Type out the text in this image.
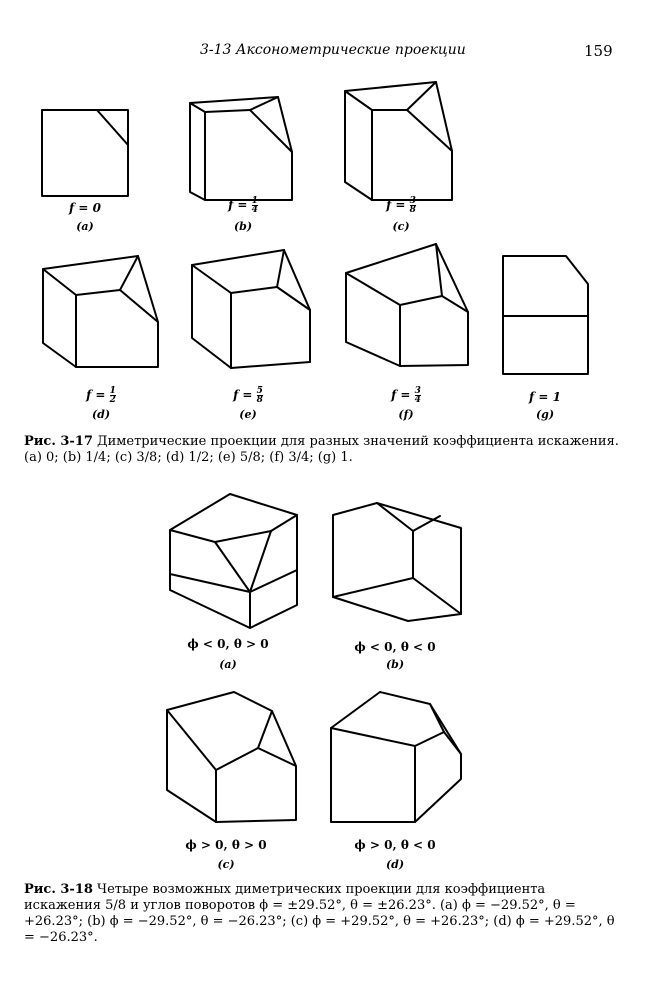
3-13 Аксонометрические проекции	159
f = 0
(a)
$f = \frac{1}{4}$
(b)
$f = \frac{3}{8}$
(c)
$f = \frac{1}{2}$
(d)
$f = \frac{5}{8}$
(e)
$f = \frac{3}{4}$
(f)
f = 1
(g)
Рис. 3-17 Диметрические проекции для разных значений коэффициента искажения. (a) 0; (b) 1/4; (c) 3/8; (d) 1/2; (e) 5/8; (f) 3/4; (g) 1.
ϕ < 0, θ > 0
(a)
ϕ < 0, θ < 0
(b)
ϕ > 0, θ > 0
(c)
ϕ > 0, θ < 0
(d)
Рис. 3-18 Четыре возможных диметрических проекции для коэффициента искажения 5/8 и углов поворотов ϕ = ±29.52°, θ = ±26.23°. (a) ϕ = −29.52°, θ = +26.23°; (b) ϕ = −29.52°, θ = −26.23°; (c) ϕ = +29.52°, θ = +26.23°; (d) ϕ = +29.52°, θ = −26.23°.
